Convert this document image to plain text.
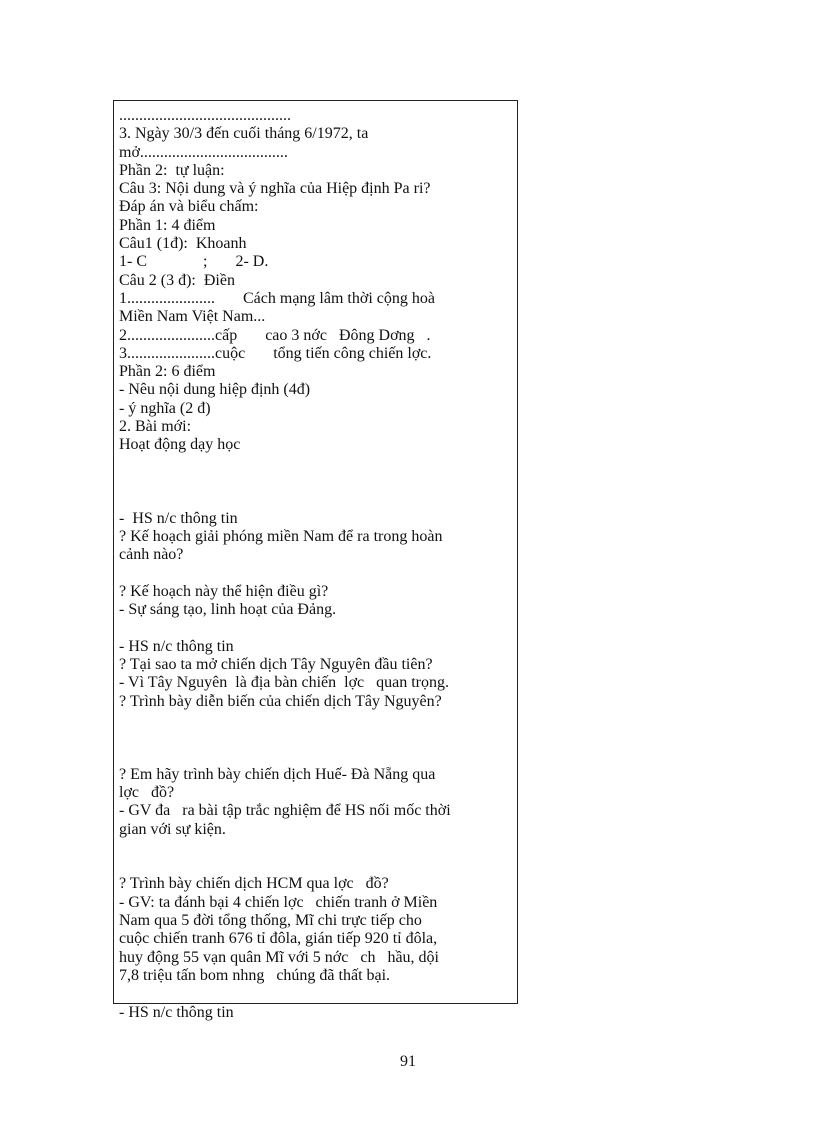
...........................................
3. Ngày 30/3 đến cuối tháng 6/1972, ta
mở.....................................
Phần 2:  tự luận:
Câu 3: Nội dung và ý nghĩa của Hiệp định Pa ri?
Đáp án và biểu chấm:
Phần 1: 4 điểm
Câu1 (1đ):  Khoanh
1- C              ;       2- D.
Câu 2 (3 đ):  Điền
1......................       Cách mạng lâm thời cộng hoà
Miền Nam Việt Nam...
2......................cấp       cao 3 nớc   Đông Dơng   .
3......................cuộc       tổng tiến công chiến lợc.
Phần 2: 6 điểm
- Nêu nội dung hiệp định (4đ)
- ý nghĩa (2 đ)
2. Bài mới:
Hoạt động dạy học
-  HS n/c thông tin
? Kế hoạch giải phóng miền Nam để ra trong hoàn
cảnh nào?
? Kế hoạch này thể hiện điều gì?
- Sự sáng tạo, linh hoạt của Đảng.
- HS n/c thông tin
? Tại sao ta mở chiến dịch Tây Nguyên đầu tiên?
- Vì Tây Nguyên  là địa bàn chiến  lợc   quan trọng.
? Trình bày diễn biến của chiến dịch Tây Nguyên?
? Em hãy trình bày chiến dịch Huế- Đà Nẵng qua
lợc   đồ?
- GV đa   ra bài tập trắc nghiệm để HS nối mốc thời
gian với sự kiện.
? Trình bày chiến dịch HCM qua lợc   đồ?
- GV: ta đánh bại 4 chiến lợc   chiến tranh ở Miền
Nam qua 5 đời tổng thống, Mĩ chi trực tiếp cho
cuộc chiến tranh 676 tỉ đôla, gián tiếp 920 tỉ đôla,
huy động 55 vạn quân Mĩ với 5 nớc   ch   hầu, dội
7,8 triệu tấn bom nhng   chúng đã thất bại.
- HS n/c thông tin
91
